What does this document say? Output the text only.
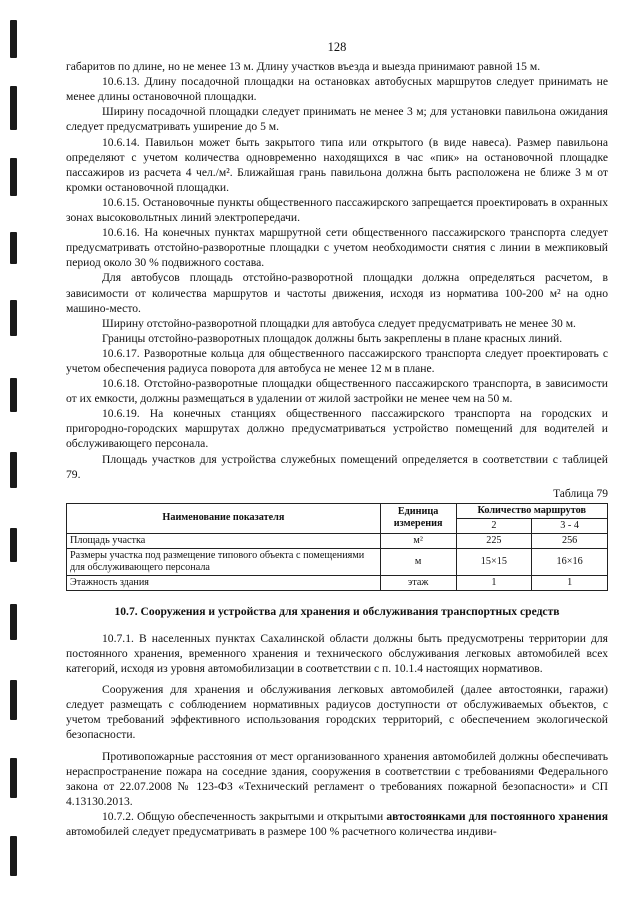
128

габаритов по длине, но не менее 13 м. Длину участков въезда и выезда принимают равной 15 м.

10.6.13. Длину посадочной площадки на остановках автобусных маршрутов следует принимать не менее длины остановочной площадки.

Ширину посадочной площадки следует принимать не менее 3 м; для установки павильона ожидания следует предусматривать уширение до 5 м.

10.6.14. Павильон может быть закрытого типа или открытого (в виде навеса). Размер павильона определяют с учетом количества одновременно находящихся в час «пик» на остановочной площадке пассажиров из расчета 4 чел./м². Ближайшая грань павильона должна быть расположена не ближе 3 м от кромки остановочной площадки.

10.6.15. Остановочные пункты общественного пассажирского запрещается проектировать в охранных зонах высоковольтных линий электропередачи.

10.6.16. На конечных пунктах маршрутной сети общественного пассажирского транспорта следует предусматривать отстойно-разворотные площадки с учетом необходимости снятия с линии в межпиковый период около 30 % подвижного состава.

Для автобусов площадь отстойно-разворотной площадки должна определяться расчетом, в зависимости от количества маршрутов и частоты движения, исходя из норматива 100-200 м² на одно машино-место.

Ширину отстойно-разворотной площадки для автобуса следует предусматривать не менее 30 м.

Границы отстойно-разворотных площадок должны быть закреплены в плане красных линий.

10.6.17. Разворотные кольца для общественного пассажирского транспорта следует проектировать с учетом обеспечения радиуса поворота для автобуса не менее 12 м в плане.

10.6.18. Отстойно-разворотные площадки общественного пассажирского транспорта, в зависимости от их емкости, должны размещаться в удалении от жилой застройки не менее чем на 50 м.

10.6.19. На конечных станциях общественного пассажирского транспорта на городских и пригородно-городских маршрутах должно предусматриваться устройство помещений для водителей и обслуживающего персонала.

Площадь участков для устройства служебных помещений определяется в соответствии с таблицей 79.

Таблица 79
Наименование показателя	Единица измерения	Количество маршрутов	
		2	3 - 4
Площадь участка	м²	225	256
Размеры участка под размещение типового объекта с помещениями для обслуживающего персонала	м	15×15	16×16
Этажность здания	этаж	1	1
10.7. Сооружения и устройства для хранения и обслуживания транспортных средств

10.7.1. В населенных пунктах Сахалинской области должны быть предусмотрены территории для постоянного хранения, временного хранения и технического обслуживания легковых автомобилей всех категорий, исходя из уровня автомобилизации в соответствии с п. 10.1.4 настоящих нормативов.

Сооружения для хранения и обслуживания легковых автомобилей (далее автостоянки, гаражи) следует размещать с соблюдением нормативных радиусов доступности от обслуживаемых объектов, с учетом требований эффективного использования городских территорий, с обеспечением экологической безопасности.

Противопожарные расстояния от мест организованного хранения автомобилей должны обеспечивать нераспространение пожара на соседние здания, сооружения в соответствии с требованиями Федерального закона от 22.07.2008 № 123-ФЗ «Технический регламент о требованиях пожарной безопасности» и СП 4.13130.2013.

10.7.2. Общую обеспеченность закрытыми и открытыми автостоянками для постоянного хранения автомобилей следует предусматривать в размере 100 % расчетного количества индиви-
